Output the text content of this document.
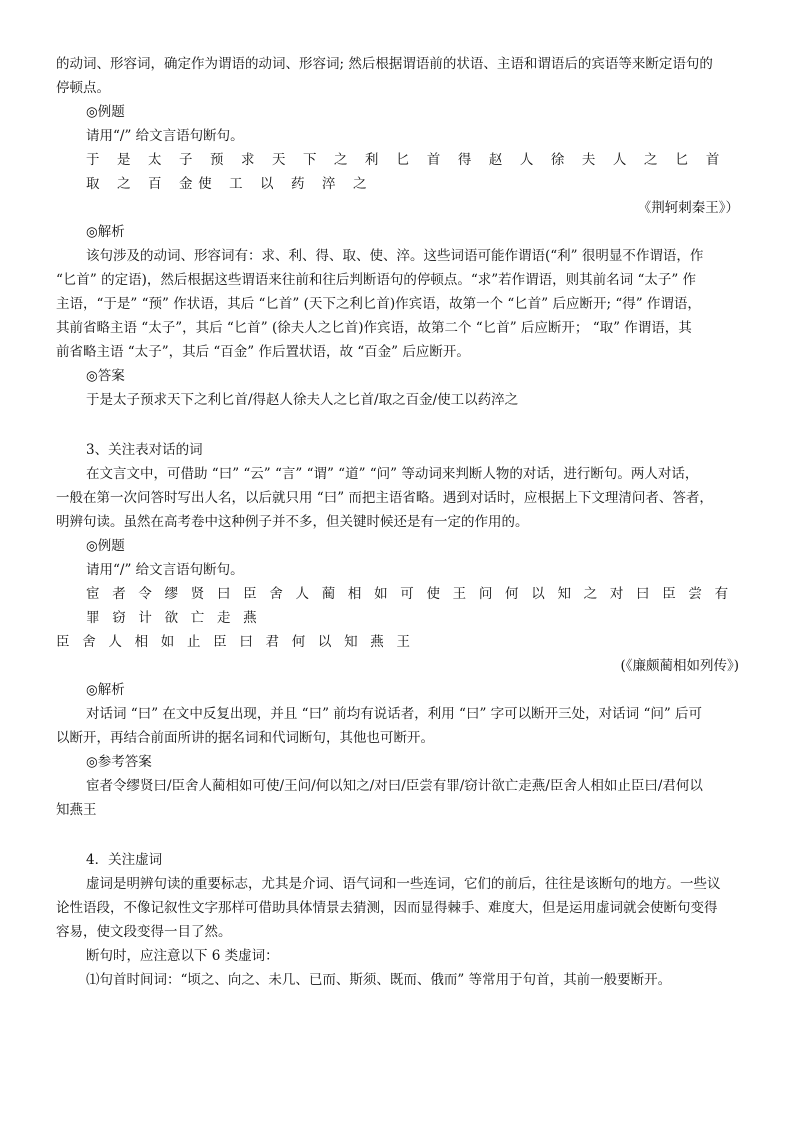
的动词、形容词，确定作为谓语的动词、形容词; 然后根据谓语前的状语、主语和谓语后的宾语等来断定语句的

停顿点。

◎例题

请用“/” 给文言语句断句。

于 是 太 子 预 求 天 下 之 利 匕 首 得 赵 人 徐 夫 人 之 匕 首 取 之 百 金使 工 以 药 淬 之

《荆轲刺秦王》）

◎解析

该句涉及的动词、形容词有：求、利、得、取、使、淬。这些词语可能作谓语(“利” 很明显不作谓语，作

“匕首” 的定语)，然后根据这些谓语来往前和往后判断语句的停顿点。“求”若作谓语，则其前名词 “太子” 作

主语，“于是” “预” 作状语，其后 “匕首” (天下之利匕首)作宾语，故第一个 “匕首” 后应断开; “得” 作谓语，

其前省略主语 “太子”，其后 “匕首” (徐夫人之匕首)作宾语，故第二个 “匕首” 后应断开； “取” 作谓语，其

前省略主语 “太子”，其后 “百金” 作后置状语，故 “百金” 后应断开。

◎答案

于是太子预求天下之利匕首/得赵人徐夫人之匕首/取之百金/使工以药淬之

3、关注表对话的词

在文言文中，可借助 “曰” “云” “言” “谓” “道” “问” 等动词来判断人物的对话，进行断句。两人对话，

一般在第一次问答时写出人名，以后就只用 “曰” 而把主语省略。遇到对话时，应根据上下文理清问者、答者，

明辨句读。虽然在高考卷中这种例子并不多，但关键时候还是有一定的作用的。

◎例题

请用“/” 给文言语句断句。

宦 者 令 缪 贤 曰 臣 舍 人 蔺 相 如 可 使 王 问 何 以 知 之 对 曰 臣 尝 有罪 窃 计 欲 亡 走 燕

臣 舍 人 相 如 止 臣 曰 君 何 以 知 燕 王

(《廉颇蔺相如列传》)

◎解析

对话词 “曰” 在文中反复出现，并且 “曰” 前均有说话者，利用 “曰” 字可以断开三处，对话词 “问” 后可

以断开，再结合前面所讲的据名词和代词断句，其他也可断开。

◎参考答案

宦者令缪贤曰/臣舍人蔺相如可使/王问/何以知之/对曰/臣尝有罪/窃计欲亡走燕/臣舍人相如止臣曰/君何以

知燕王

4．关注虚词

虚词是明辨句读的重要标志，尤其是介词、语气词和一些连词，它们的前后，往往是该断句的地方。一些议

论性语段，不像记叙性文字那样可借助具体情景去猜测，因而显得棘手、难度大，但是运用虚词就会使断句变得

容易，使文段变得一目了然。

断句时，应注意以下 6 类虚词：

⑴句首时间词：“顷之、向之、未几、已而、斯须、既而、俄而” 等常用于句首，其前一般要断开。
